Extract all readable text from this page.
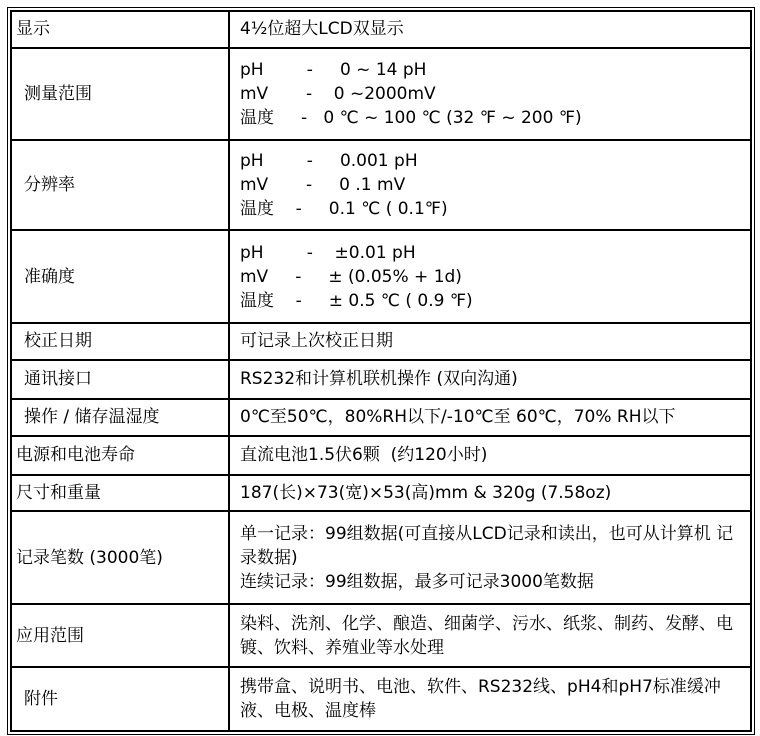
显示	4½位超大LCD双显示

测量范围	pH        -     0 ~ 14 pH
mV       -    0 ~2000mV
温度     -   0 ℃ ~ 100 ℃ (32 ℉ ~ 200 ℉)

分辨率	pH        -     0.001 pH
mV       -     0 .1 mV
温度    -     0.1 ℃ ( 0.1℉)

准确度	pH        -    ±0.01 pH
mV     -     ± (0.05% + 1d)
温度    -     ± 0.5 ℃ ( 0.9 ℉)

校正日期	可记录上次校正日期

通讯接口	RS232和计算机联机操作 (双向沟通)

操作 / 储存温湿度	0℃至50℃，80%RH以下/-10℃至 60℃，70% RH以下

电源和电池寿命	直流电池1.5伏6颗  (约120小时)

尺寸和重量	187(长)×73(宽)×53(高)mm & 320g (7.58oz)

记录笔数 (3000笔)	单一记录：99组数据(可直接从LCD记录和读出，也可从计算机 记录数据)
连续记录：99组数据，最多可记录3000笔数据

应用范围	染料、洗剂、化学、酿造、细菌学、污水、纸浆、制药、发酵、电镀、饮料、养殖业等水处理

附件	携带盒、说明书、电池、软件、RS232线、pH4和pH7标准缓冲液、电极、温度棒
